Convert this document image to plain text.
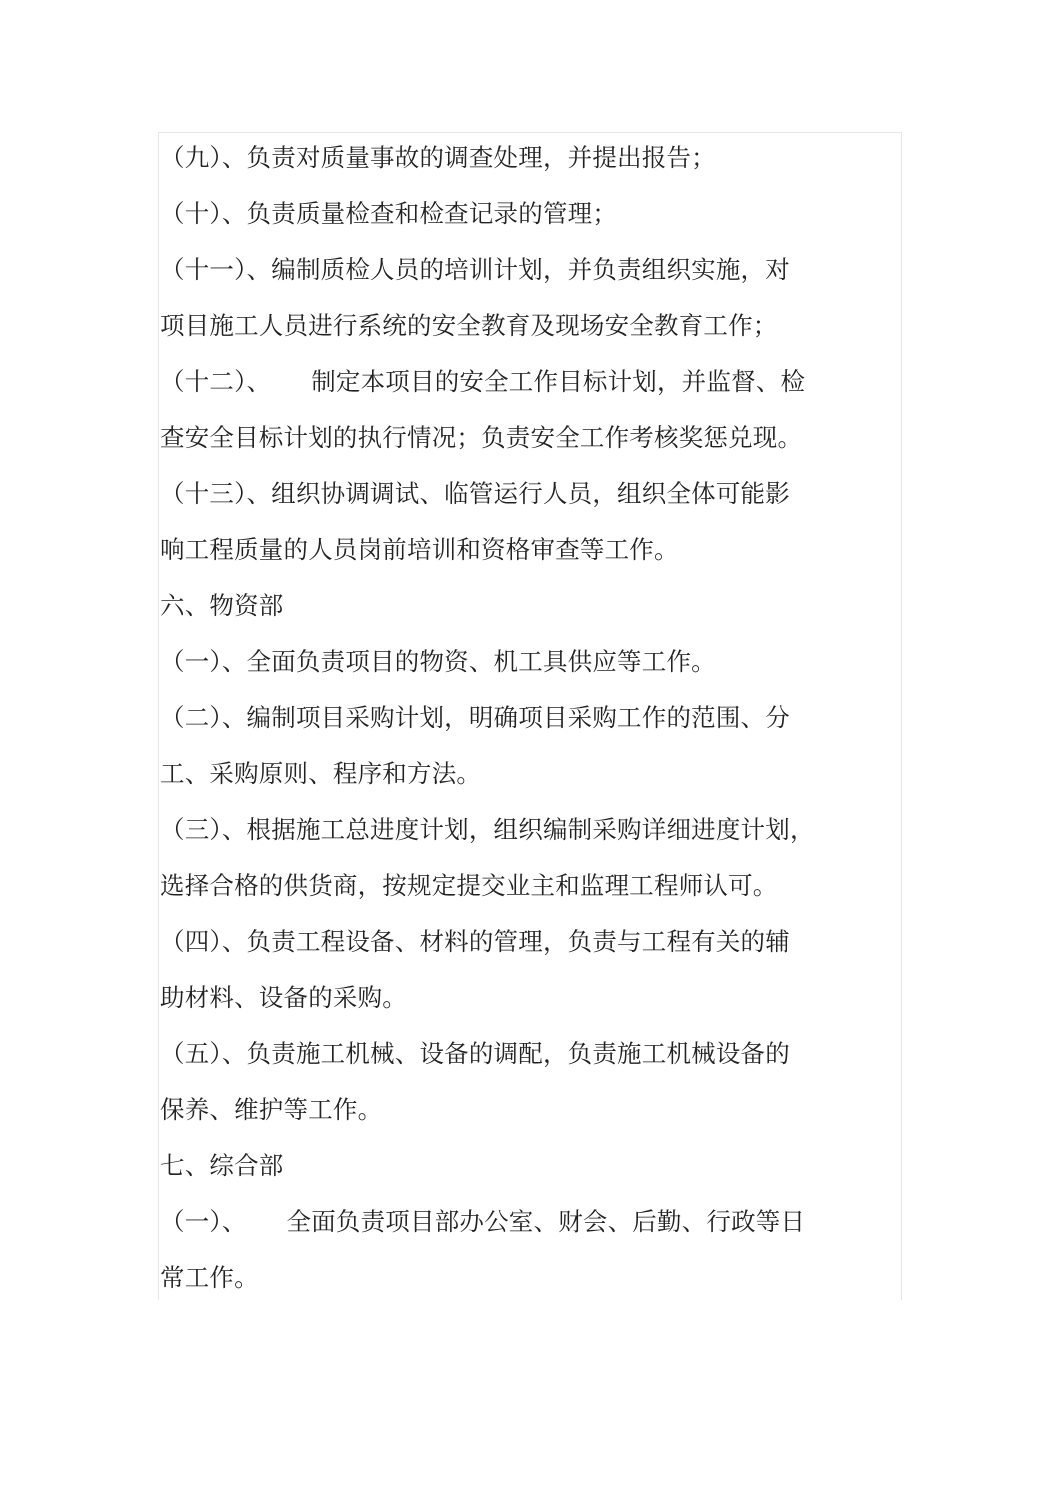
（九）、负责对质量事故的调查处理，并提出报告；
（十）、负责质量检查和检查记录的管理；
（十一）、编制质检人员的培训计划，并负责组织实施，对
项目施工人员进行系统的安全教育及现场安全教育工作；
（十二）、     制定本项目的安全工作目标计划，并监督、检
查安全目标计划的执行情况；负责安全工作考核奖惩兑现。
（十三）、组织协调调试、临管运行人员，组织全体可能影
响工程质量的人员岗前培训和资格审查等工作。
六、物资部
（一）、全面负责项目的物资、机工具供应等工作。
（二）、编制项目采购计划，明确项目采购工作的范围、分
工、采购原则、程序和方法。
（三）、根据施工总进度计划，组织编制采购详细进度计划，
选择合格的供货商，按规定提交业主和监理工程师认可。
（四）、负责工程设备、材料的管理，负责与工程有关的辅
助材料、设备的采购。
（五）、负责施工机械、设备的调配，负责施工机械设备的
保养、维护等工作。
七、综合部
（一）、     全面负责项目部办公室、财会、后勤、行政等日
常工作。
